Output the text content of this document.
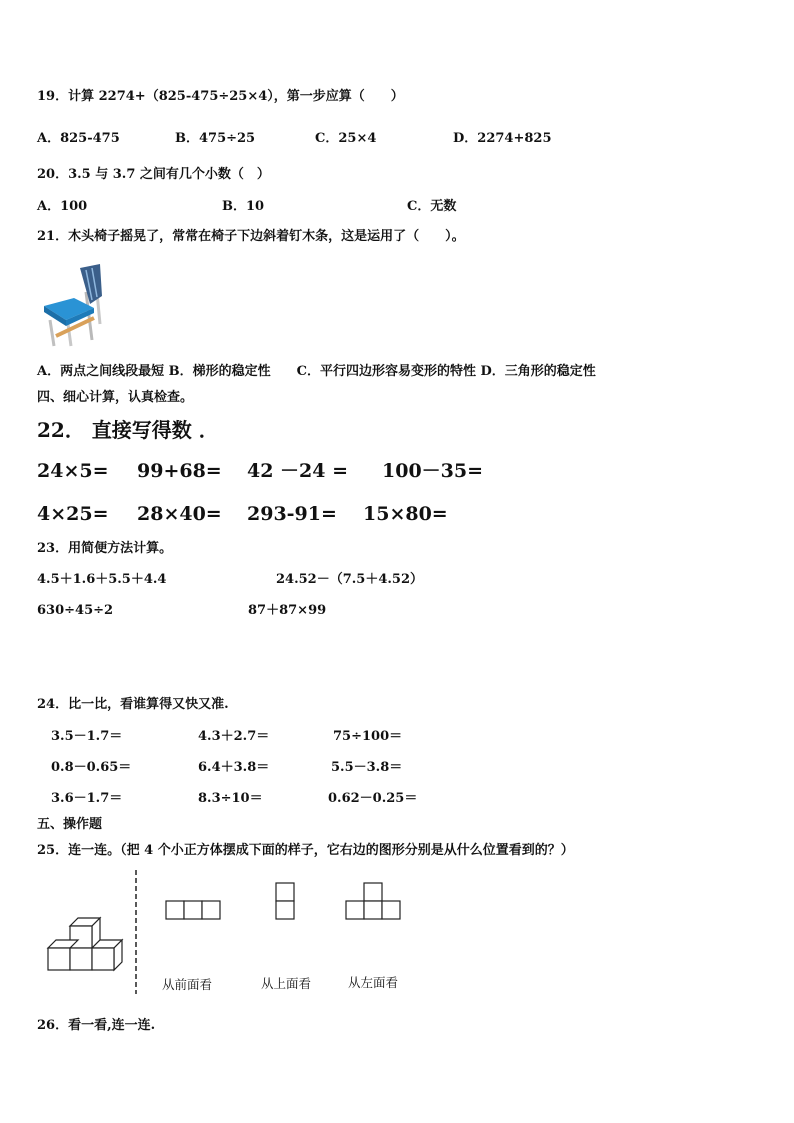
19．计算 2274+（825-475÷25×4），第一步应算（　　）
A．825-475	B．475÷25	C．25×4	D．2274+825
20．3.5 与 3.7 之间有几个小数（　）
A．100	B．10	C．无数
21．木头椅子摇晃了，常常在椅子下边斜着钉木条，这是运用了（　　）。
A．两点之间线段最短 B．梯形的稳定性　　C．平行四边形容易变形的特性 D．三角形的稳定性
四、细心计算，认真检查。
22． 直接写得数 ．
24×5= 99+68= 42 －24 = 100－35=
4×25= 28×40= 293-91= 15×80=
23．用简便方法计算。
4.5＋1.6＋5.5＋4.4	24.52－（7.5＋4.52）
630÷45÷2	87＋87×99
24．比一比，看谁算得又快又准.
3.5－1.7＝	4.3＋2.7＝	75÷100＝
0.8－0.65＝	6.4＋3.8＝	5.5－3.8＝
3.6－1.7＝	8.3÷10＝	0.62－0.25＝
五、操作题
25．连一连。（把 4 个小正方体摆成下面的样子，它右边的图形分别是从什么位置看到的？）
从前面看	从上面看	从左面看
26．看一看,连一连.
